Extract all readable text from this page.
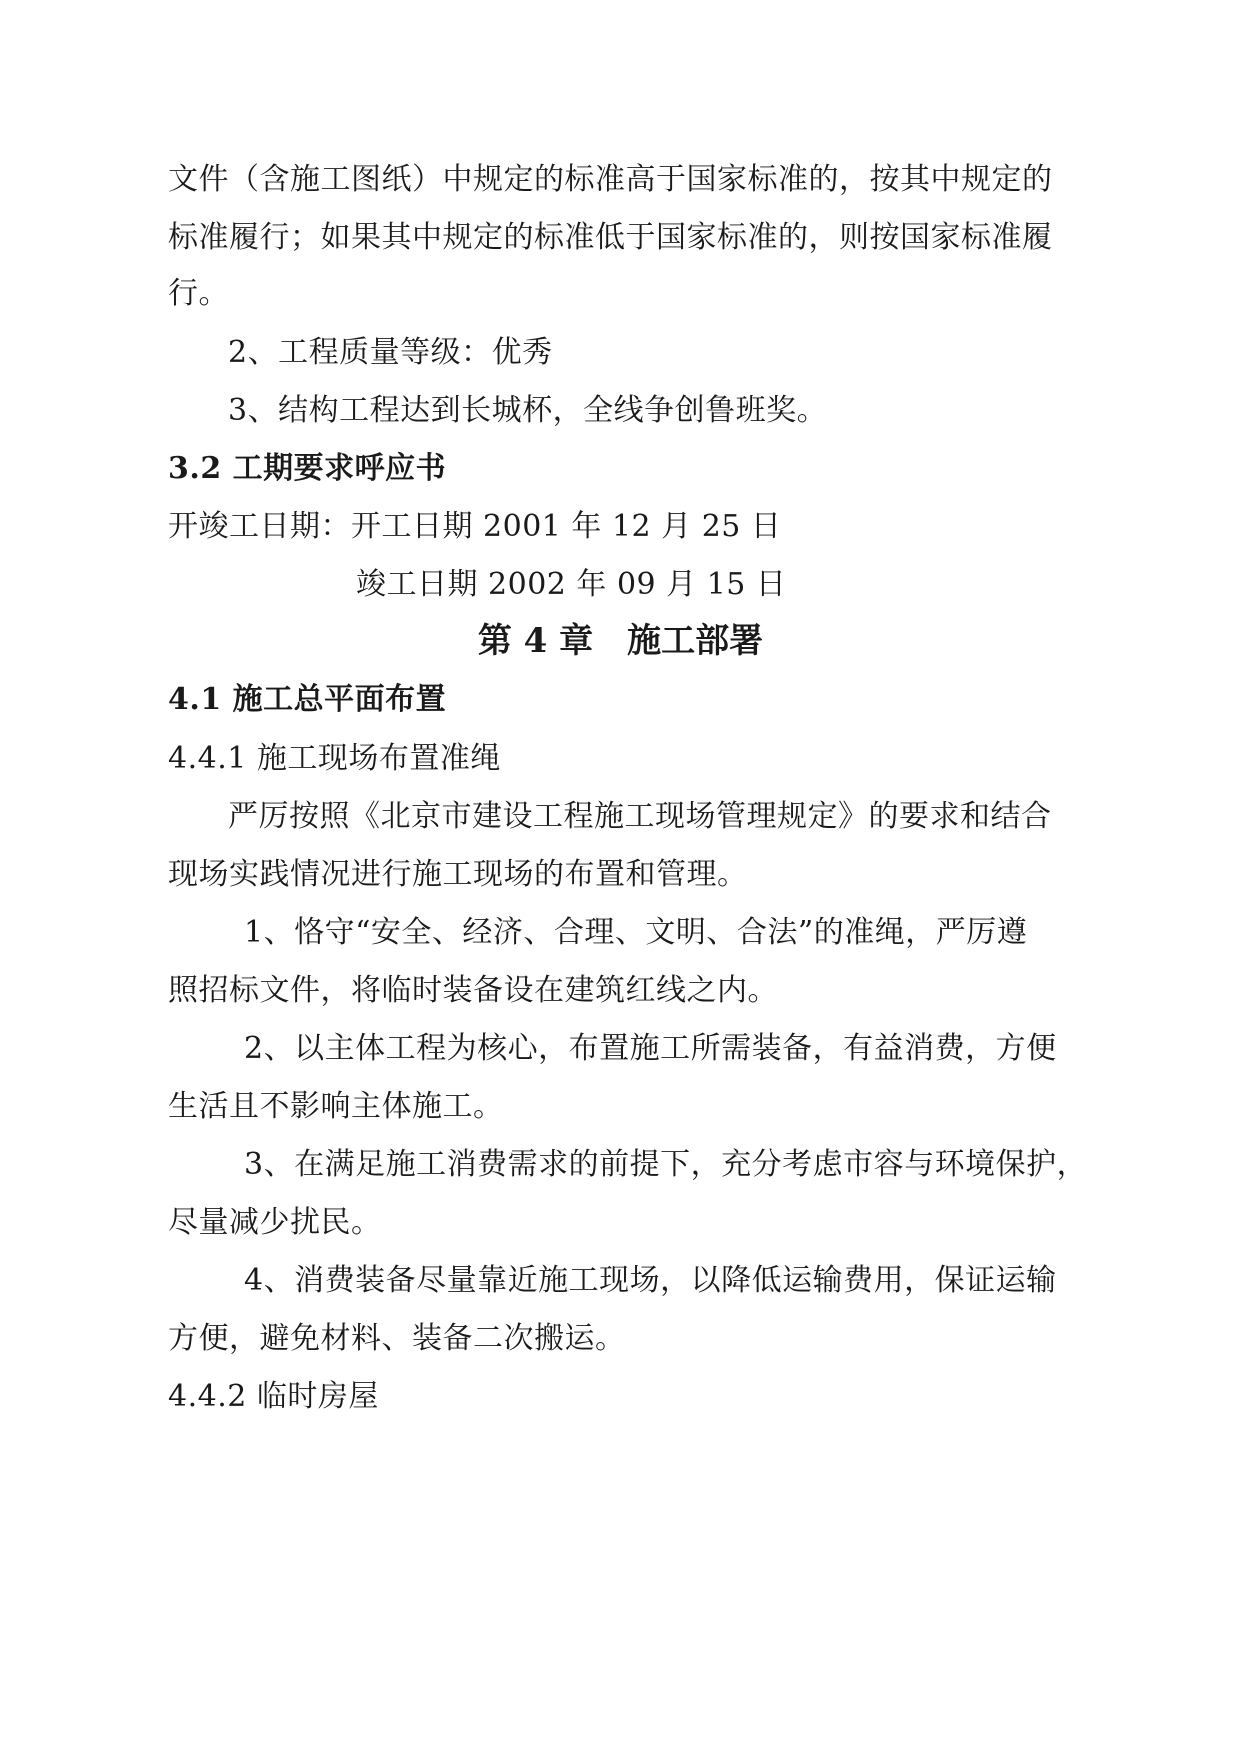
文件（含施工图纸）中规定的标准高于国家标准的，按其中规定的
标准履行；如果其中规定的标准低于国家标准的，则按国家标准履
行。
2、工程质量等级：优秀
3、结构工程达到长城杯，全线争创鲁班奖。
3.2 工期要求呼应书
开竣工日期：开工日期 2001 年 12 月 25 日
竣工日期 2002 年 09 月 15 日
第 4 章　施工部署
4.1 施工总平面布置
4.4.1 施工现场布置准绳
严厉按照《北京市建设工程施工现场管理规定》的要求和结合
现场实践情况进行施工现场的布置和管理。
1、恪守“安全、经济、合理、文明、合法”的准绳，严厉遵
照招标文件，将临时装备设在建筑红线之内。
2、以主体工程为核心，布置施工所需装备，有益消费，方便
生活且不影响主体施工。
3、在满足施工消费需求的前提下，充分考虑市容与环境保护，
尽量减少扰民。
4、消费装备尽量靠近施工现场，以降低运输费用，保证运输
方便，避免材料、装备二次搬运。
4.4.2 临时房屋
